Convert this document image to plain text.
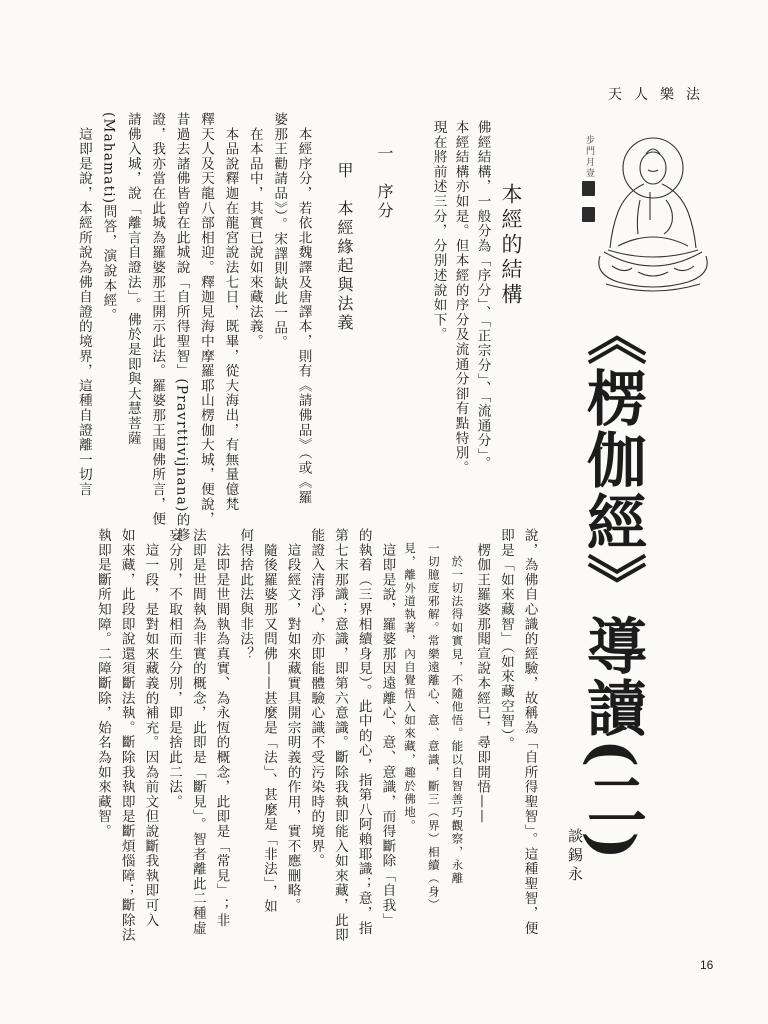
天人樂法
步門月壹
《楞伽經》導讀(二)
談錫永
說，為佛自心識的經驗，故稱為「自所得聖智」。這種聖智，便
即是「如來藏智」（如來藏空智）。
　楞伽王羅婆那聞宣說本經已，尋即開悟——
　於一切法得如實見，不隨他悟。能以自智善巧觀察，永離
一切臆度邪解。常樂遠離心、意、意識，斷三（界）相續（身）
見，離外道執著，內自覺悟入如來藏，趣於佛地。
　這即是說，羅婆那因遠離心、意、意識，而得斷除「自我」
的執着（三界相續身見）。此中的心，指第八阿賴耶識；意，指
第七末那識；意識，即第六意識。斷除我執即能入如來藏，此即
能證入清淨心，亦即能體驗心識不受污染時的境界。
　這段經文，對如來藏實具開宗明義的作用，實不應刪略。
　隨後羅婆那又問佛——甚麼是「法」、甚麼是「非法」，如
何得捨此法與非法？
　法即是世間執為真實、為永恆的概念，此即是「常見」；非
法即是世間執為非實的概念，此即是「斷見」。智者離此二種虛
妄分別，不取相而生分別，即是捨此二法。
　這一段，是對如來藏義的補充。因為前文但說斷我執即可入
如來藏，此段即說還須斷法執。斷除我執即是斷煩惱障；斷除法
執即是斷所知障。二障斷除，始名為如來藏智。
本經的結構
佛經結構，一般分為「序分」、「正宗分」、「流通分」。
本經結構亦如是。但本經的序分及流通分卻有點特別。
現在將前述三分，分別述說如下。
一　序分
甲　本經緣起與法義
　本經序分，若依北魏譯及唐譯本，則有《請佛品》（或《羅
婆那王勸請品》）。宋譯則缺此一品。
　在本品中，其實已說如來藏法義。
　本品說釋迦在龍宮說法七日，既畢，從大海出，有無量億梵
釋天人及天龍八部相迎。釋迦見海中摩羅耶山楞伽大城，便說，
昔過去諸佛皆曾在此城說「自所得聖智」(Pravrttivijnana)的修
證，我亦當在此城為羅婆那王開示此法。羅婆那王聞佛所言，便
請佛入城，說「離言自證法」。佛於是即與大慧菩薩
(Mahamati)問答，演說本經。
　這即是說，本經所說為佛自證的境界，這種自證離一切言
16
